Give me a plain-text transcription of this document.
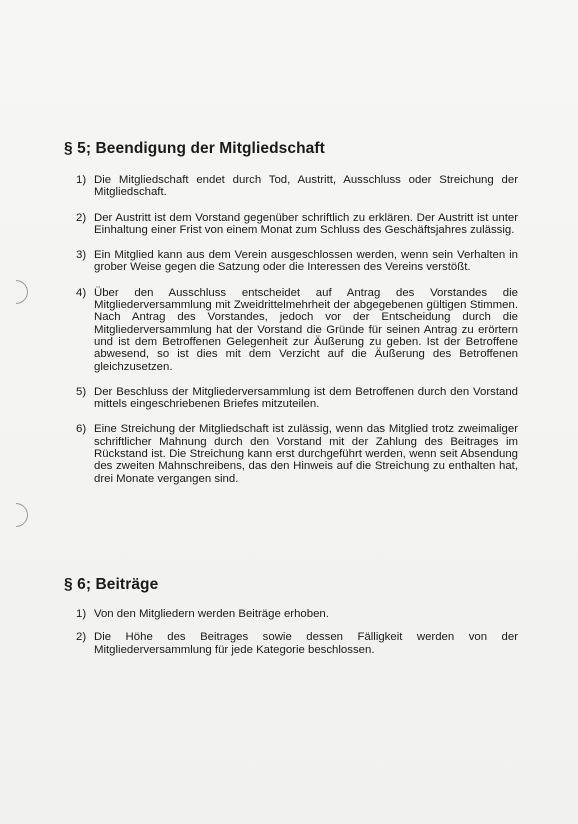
§ 5; Beendigung der Mitgliedschaft
1) Die Mitgliedschaft endet durch Tod, Austritt, Ausschluss oder Streichung der Mitgliedschaft.
2) Der Austritt ist dem Vorstand gegenüber schriftlich zu erklären. Der Austritt ist unter Einhaltung einer Frist von einem Monat zum Schluss des Geschäftsjahres zulässig.
3) Ein Mitglied kann aus dem Verein ausgeschlossen werden, wenn sein Verhalten in grober Weise gegen die Satzung oder die Interessen des Vereins verstößt.
4) Über den Ausschluss entscheidet auf Antrag des Vorstandes die Mitgliederversammlung mit Zweidrittelmehrheit der abgegebenen gültigen Stimmen. Nach Antrag des Vorstandes, jedoch vor der Entscheidung durch die Mitgliederversammlung hat der Vorstand die Gründe für seinen Antrag zu erörtern und ist dem Betroffenen Gelegenheit zur Äußerung zu geben. Ist der Betroffene abwesend, so ist dies mit dem Verzicht auf die Äußerung des Betroffenen gleichzusetzen.
5) Der Beschluss der Mitgliederversammlung ist dem Betroffenen durch den Vorstand mittels eingeschriebenen Briefes mitzuteilen.
6) Eine Streichung der Mitgliedschaft ist zulässig, wenn das Mitglied trotz zweimaliger schriftlicher Mahnung durch den Vorstand mit der Zahlung des Beitrages im Rückstand ist. Die Streichung kann erst durchgeführt werden, wenn seit Absendung des zweiten Mahnschreibens, das den Hinweis auf die Streichung zu enthalten hat, drei Monate vergangen sind.
§ 6; Beiträge
1) Von den Mitgliedern werden Beiträge erhoben.
2) Die Höhe des Beitrages sowie dessen Fälligkeit werden von der Mitgliederversammlung für jede Kategorie beschlossen.
